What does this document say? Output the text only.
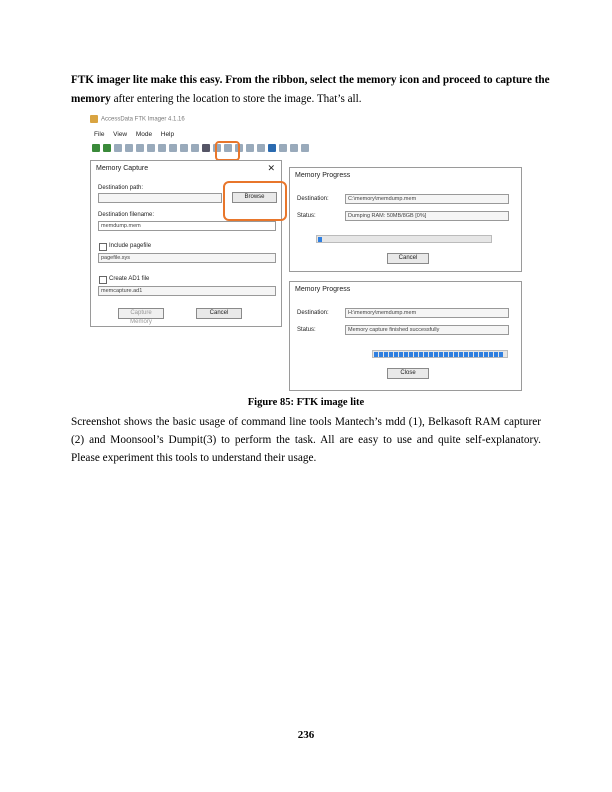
FTK imager lite make this easy. From the ribbon, select the memory icon and proceed to capture the memory after entering the location to store the image. That’s all.
AccessData FTK Imager 4.1.16
File View Mode Help
Memory Capture	✕
Destination path:
Browse
Destination filename:
memdump.mem
Include pagefile
pagefile.sys
Create AD1 file
memcapture.ad1
Capture Memory
Cancel
Memory Progress
Destination:	C:\memory\memdump.mem
Status:	Dumping RAM: 50MB/8GB [0%]
Cancel
Memory Progress
Destination:	H:\memory\memdump.mem
Status:	Memory capture finished successfully
Close
Figure 85: FTK image lite
Screenshot shows the basic usage of command line tools Mantech’s mdd (1), Belkasoft RAM capturer (2) and Moonsool’s Dumpit(3) to perform the task. All are easy to use and quite self-explanatory. Please experiment this tools to understand their usage.
236
